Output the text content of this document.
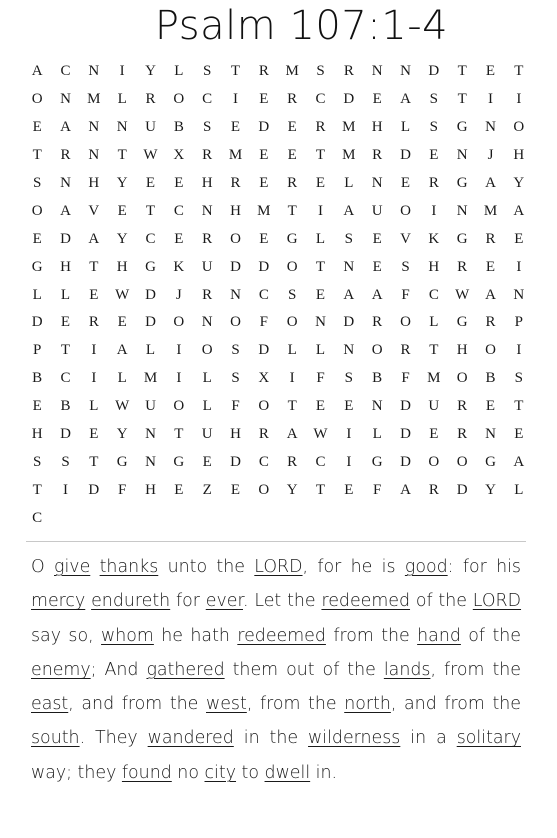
Psalm 107:1-4
A	C	N	I	Y	L	S	T	R	M	S	R	N	N	D	T	E	T
O	N	M	L	R	O	C	I	E	R	C	D	E	A	S	T	I	I
E	A	N	N	U	B	S	E	D	E	R	M	H	L	S	G	N	O
T	R	N	T	W	X	R	M	E	E	T	M	R	D	E	N	J	H
S	N	H	Y	E	E	H	R	E	R	E	L	N	E	R	G	A	Y
O	A	V	E	T	C	N	H	M	T	I	A	U	O	I	N	M	A
E	D	A	Y	C	E	R	O	E	G	L	S	E	V	K	G	R	E
G	H	T	H	G	K	U	D	D	O	T	N	E	S	H	R	E	I
L	L	E	W	D	J	R	N	C	S	E	A	A	F	C	W	A	N
D	E	R	E	D	O	N	O	F	O	N	D	R	O	L	G	R	P
P	T	I	A	L	I	O	S	D	L	L	N	O	R	T	H	O	I
B	C	I	L	M	I	L	S	X	I	F	S	B	F	M	O	B	S
E	B	L	W	U	O	L	F	O	T	E	E	N	D	U	R	E	T
H	D	E	Y	N	T	U	H	R	A	W	I	L	D	E	R	N	E
S	S	T	G	N	G	E	D	C	R	C	I	G	D	O	O	G	A
T	I	D	F	H	E	Z	E	O	Y	T	E	F	A	R	D	Y	L
C
O give thanks unto the LORD, for he is good: for his mercy endureth for ever. Let the redeemed of the LORD say so, whom he hath redeemed from the hand of the enemy; And gathered them out of the lands, from the east, and from the west, from the north, and from the south. They wandered in the wilderness in a solitary way; they found no city to dwell in.
